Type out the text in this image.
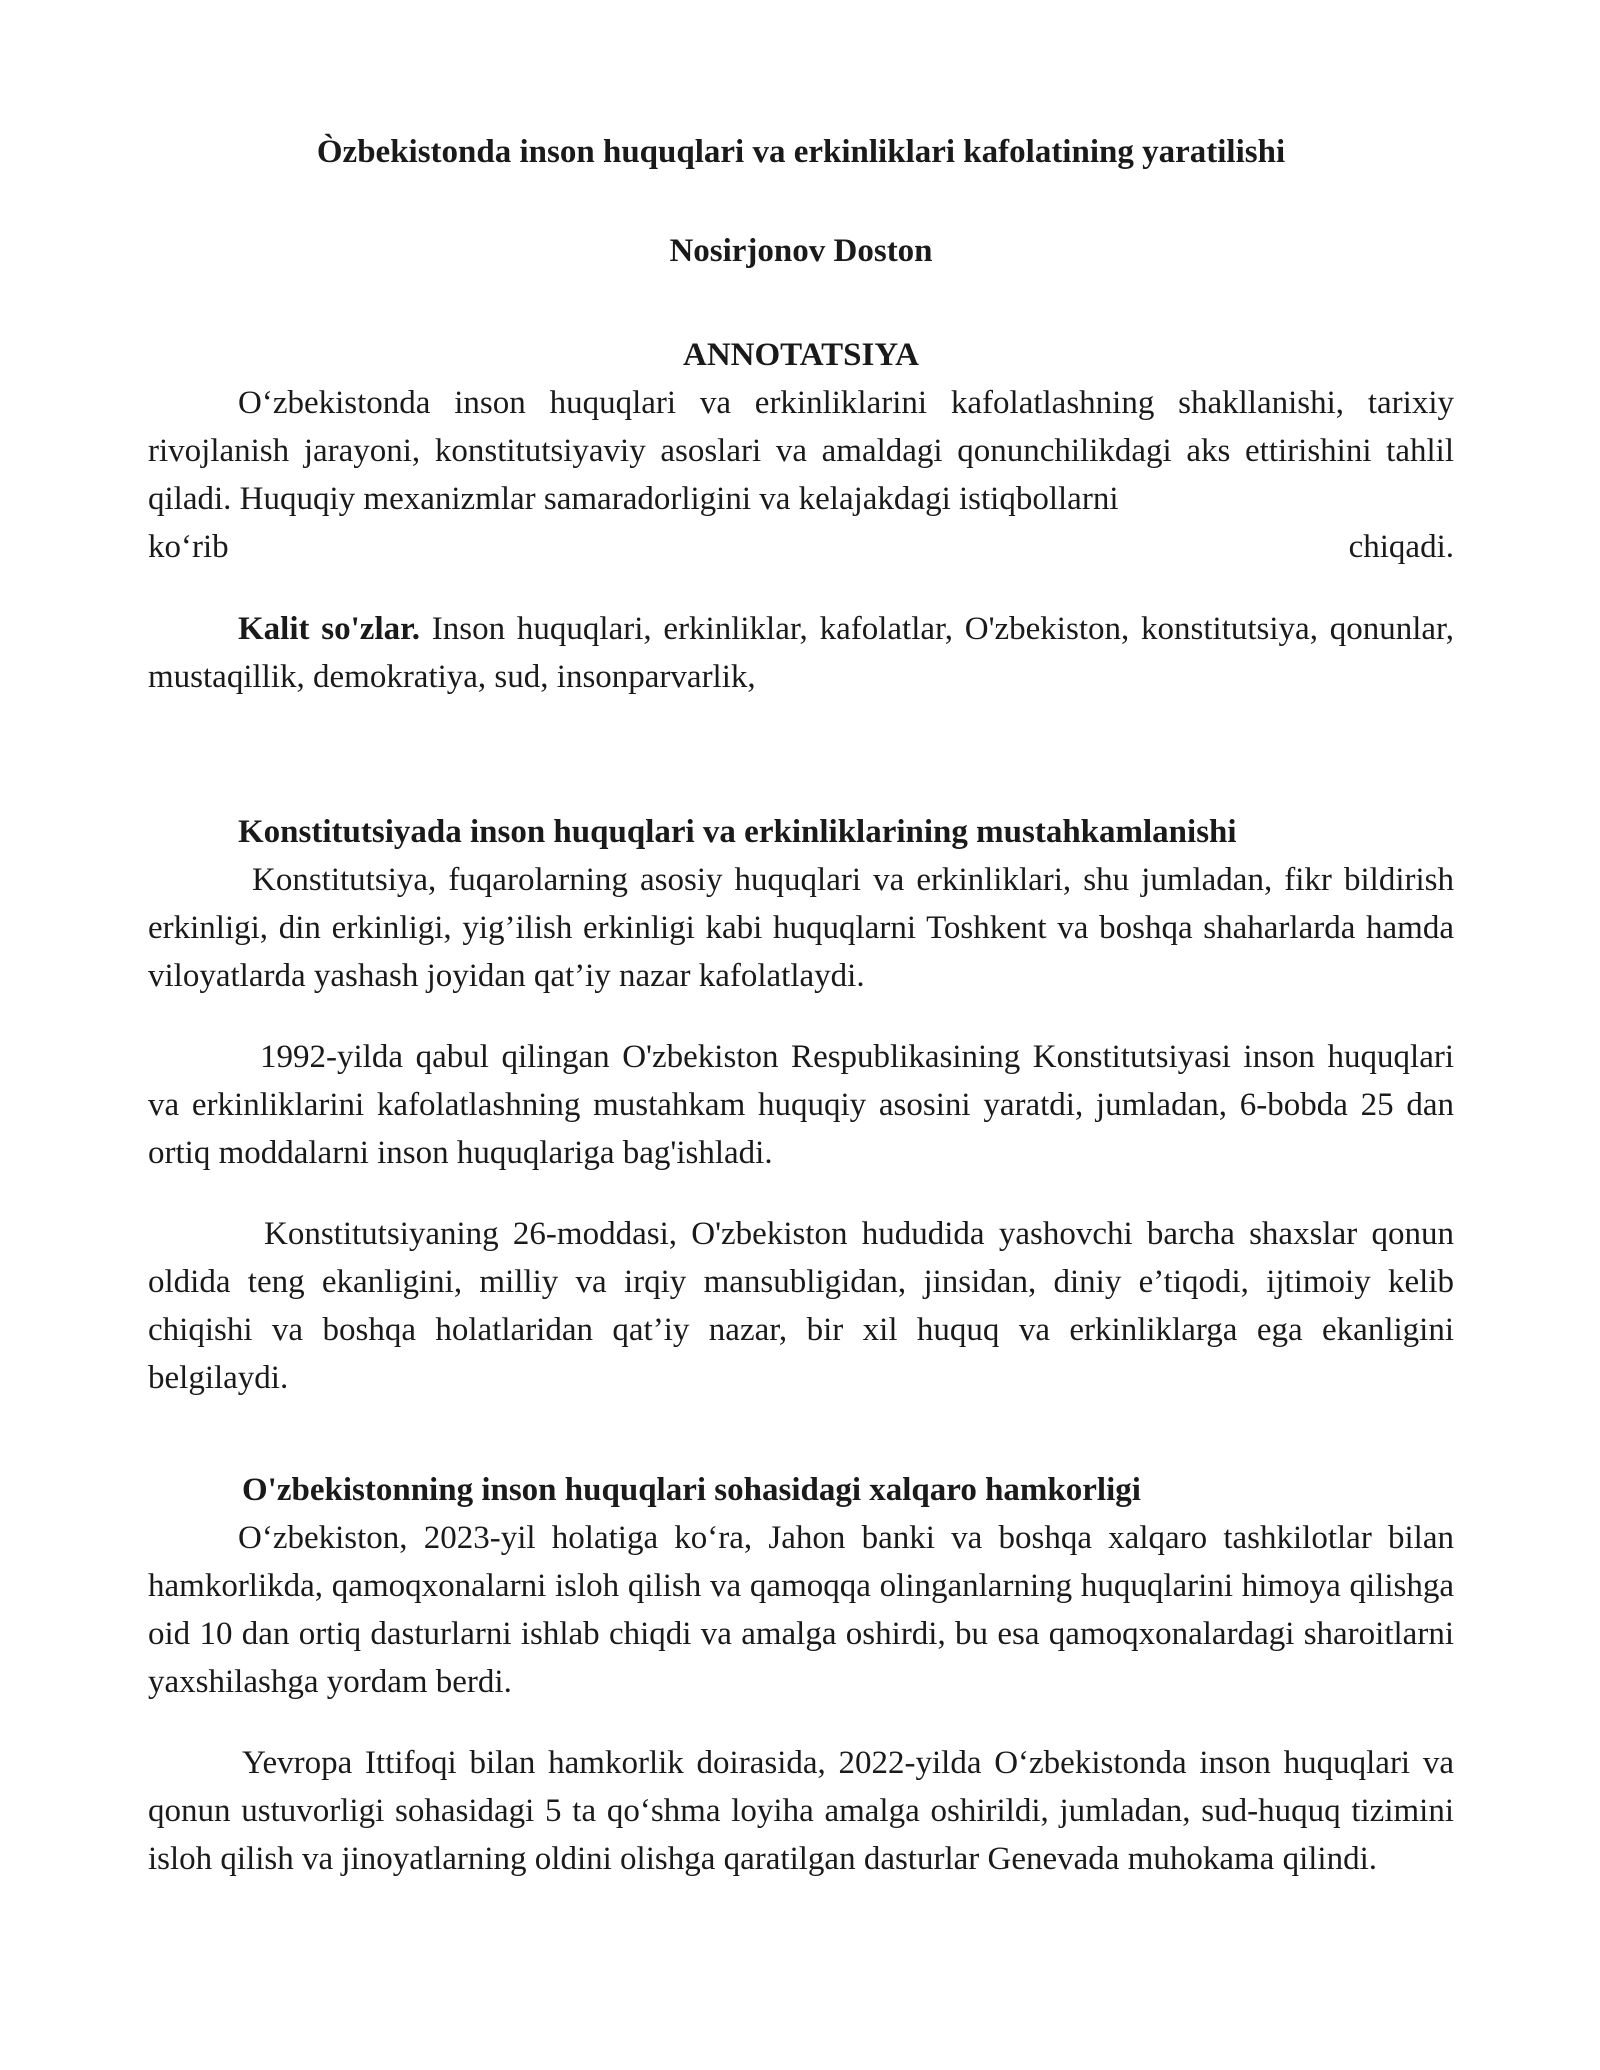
Òzbekistonda inson huquqlari va erkinliklari kafolatining yaratilishi

Nosirjonov Doston

ANNOTATSIYA

O‘zbekistonda inson huquqlari va erkinliklarini kafolatlashning shakllanishi, tarixiy rivojlanish jarayoni, konstitutsiyaviy asoslari va amaldagi qonunchilikdagi aks ettirishini tahlil qiladi. Huquqiy mexanizmlar samaradorligini va kelajakdagi istiqbollarni

ko‘rib chiqadi.

Kalit so'zlar. Inson huquqlari, erkinliklar, kafolatlar, O'zbekiston, konstitutsiya, qonunlar, mustaqillik, demokratiya, sud, insonparvarlik,

Konstitutsiyada inson huquqlari va erkinliklarining mustahkamlanishi

Konstitutsiya, fuqarolarning asosiy huquqlari va erkinliklari, shu jumladan, fikr bildirish erkinligi, din erkinligi, yig’ilish erkinligi kabi huquqlarni Toshkent va boshqa shaharlarda hamda viloyatlarda yashash joyidan qat’iy nazar kafolatlaydi.

1992-yilda qabul qilingan O'zbekiston Respublikasining Konstitutsiyasi inson huquqlari va erkinliklarini kafolatlashning mustahkam huquqiy asosini yaratdi, jumladan, 6-bobda 25 dan ortiq moddalarni inson huquqlariga bag'ishladi.

Konstitutsiyaning 26-moddasi, O'zbekiston hududida yashovchi barcha shaxslar qonun oldida teng ekanligini, milliy va irqiy mansubligidan, jinsidan, diniy e’tiqodi, ijtimoiy kelib chiqishi va boshqa holatlaridan qat’iy nazar, bir xil huquq va erkinliklarga ega ekanligini belgilaydi.

O'zbekistonning inson huquqlari sohasidagi xalqaro hamkorligi

O‘zbekiston, 2023-yil holatiga ko‘ra, Jahon banki va boshqa xalqaro tashkilotlar bilan hamkorlikda, qamoqxonalarni isloh qilish va qamoqqa olinganlarning huquqlarini himoya qilishga oid 10 dan ortiq dasturlarni ishlab chiqdi va amalga oshirdi, bu esa qamoqxonalardagi sharoitlarni yaxshilashga yordam berdi.

Yevropa Ittifoqi bilan hamkorlik doirasida, 2022-yilda O‘zbekistonda inson huquqlari va qonun ustuvorligi sohasidagi 5 ta qo‘shma loyiha amalga oshirildi, jumladan, sud-huquq tizimini isloh qilish va jinoyatlarning oldini olishga qaratilgan dasturlar Genevada muhokama qilindi.
